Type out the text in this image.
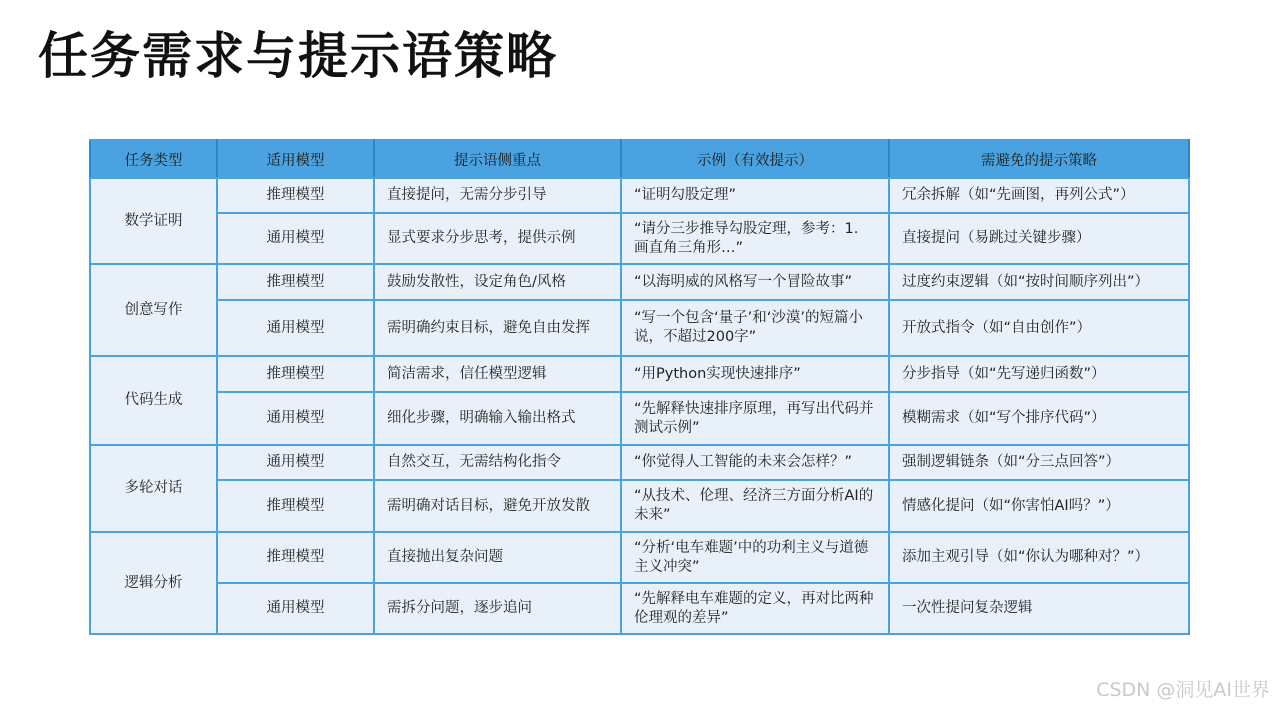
任务需求与提示语策略
任务类型	适用模型	提示语侧重点	示例（有效提示）	需避免的提示策略
数学证明	推理模型	直接提问，无需分步引导	“证明勾股定理”	冗余拆解（如“先画图，再列公式”）
	通用模型	显式要求分步思考，提供示例	“请分三步推导勾股定理，参考：1. 画直角三角形…”	直接提问（易跳过关键步骤）
创意写作	推理模型	鼓励发散性，设定角色/风格	“以海明威的风格写一个冒险故事”	过度约束逻辑（如“按时间顺序列出”）
	通用模型	需明确约束目标，避免自由发挥	“写一个包含‘量子’和‘沙漠’的短篇小说，不超过200字”	开放式指令（如“自由创作”）
代码生成	推理模型	简洁需求，信任模型逻辑	“用Python实现快速排序”	分步指导（如“先写递归函数”）
	通用模型	细化步骤，明确输入输出格式	“先解释快速排序原理，再写出代码并测试示例”	模糊需求（如“写个排序代码”）
多轮对话	通用模型	自然交互，无需结构化指令	“你觉得人工智能的未来会怎样？”	强制逻辑链条（如“分三点回答”）
	推理模型	需明确对话目标，避免开放发散	“从技术、伦理、经济三方面分析AI的未来”	情感化提问（如“你害怕AI吗？”）
逻辑分析	推理模型	直接抛出复杂问题	“分析‘电车难题’中的功利主义与道德主义冲突”	添加主观引导（如“你认为哪种对？”）
	通用模型	需拆分问题，逐步追问	“先解释电车难题的定义，再对比两种伦理观的差异”	一次性提问复杂逻辑
CSDN @洞见AI世界
